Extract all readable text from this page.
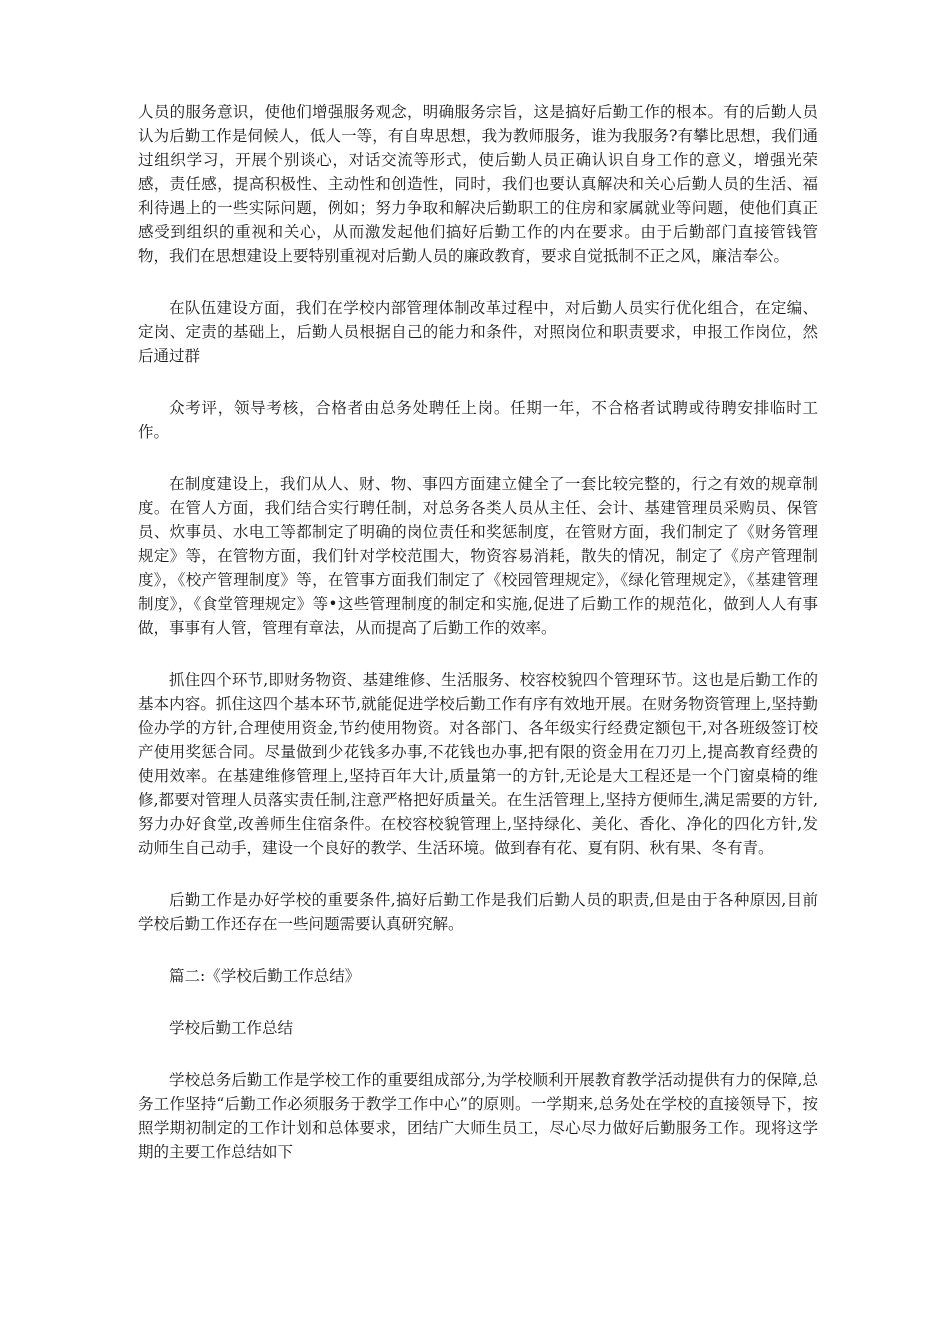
人员的服务意识，使他们增强服务观念，明确服务宗旨，这是搞好后勤工作的根本。有的后勤人员认为后勤工作是伺候人，低人一等，有自卑思想，我为教师服务，谁为我服务?有攀比思想，我们通过组织学习，开展个别谈心，对话交流等形式，使后勤人员正确认识自身工作的意义，增强光荣感，责任感，提高积极性、主动性和创造性，同时，我们也要认真解决和关心后勤人员的生活、福利待遇上的一些实际问题，例如；努力争取和解决后勤职工的住房和家属就业等问题，使他们真正感受到组织的重视和关心，从而激发起他们搞好后勤工作的内在要求。由于后勤部门直接管钱管物，我们在思想建设上要特别重视对后勤人员的廉政教育，要求自觉抵制不正之风，廉洁奉公。

在队伍建设方面，我们在学校内部管理体制改革过程中，对后勤人员实行优化组合，在定编、定岗、定责的基础上，后勤人员根据自己的能力和条件，对照岗位和职责要求，申报工作岗位，然后通过群

众考评，领导考核，合格者由总务处聘任上岗。任期一年，不合格者试聘或待聘安排临时工作。

在制度建设上，我们从人、财、物、事四方面建立健全了一套比较完整的，行之有效的规章制度。在管人方面，我们结合实行聘任制，对总务各类人员从主任、会计、基建管理员采购员、保管员、炊事员、水电工等都制定了明确的岗位责任和奖惩制度，在管财方面，我们制定了《财务管理规定》等，在管物方面，我们针对学校范围大，物资容易消耗，散失的情况，制定了《房产管理制度》，《校产管理制度》等，在管事方面我们制定了《校园管理规定》，《绿化管理规定》，《基建管理制度》，《食堂管理规定》等•这些管理制度的制定和实施,促进了后勤工作的规范化，做到人人有事做，事事有人管，管理有章法，从而提高了后勤工作的效率。

抓住四个环节,即财务物资、基建维修、生活服务、校容校貌四个管理环节。这也是后勤工作的基本内容。抓住这四个基本环节,就能促进学校后勤工作有序有效地开展。在财务物资管理上,坚持勤俭办学的方针,合理使用资金,节约使用物资。对各部门、各年级实行经费定额包干,对各班级签订校产使用奖惩合同。尽量做到少花钱多办事,不花钱也办事,把有限的资金用在刀刃上,提高教育经费的使用效率。在基建维修管理上,坚持百年大计,质量第一的方针,无论是大工程还是一个门窗桌椅的维修,都要对管理人员落实责任制,注意严格把好质量关。在生活管理上,坚持方便师生,满足需要的方针,努力办好食堂,改善师生住宿条件。在校容校貌管理上,坚持绿化、美化、香化、净化的四化方针,发动师生自己动手，建设一个良好的教学、生活环境。做到春有花、夏有阴、秋有果、冬有青。

后勤工作是办好学校的重要条件,搞好后勤工作是我们后勤人员的职责,但是由于各种原因,目前学校后勤工作还存在一些问题需要认真研究解。

篇二:《学校后勤工作总结》

学校后勤工作总结

学校总务后勤工作是学校工作的重要组成部分,为学校顺利开展教育教学活动提供有力的保障,总务工作坚持“后勤工作必须服务于教学工作中心”的原则。一学期来,总务处在学校的直接领导下，按照学期初制定的工作计划和总体要求，团结广大师生员工，尽心尽力做好后勤服务工作。现将这学期的主要工作总结如下
